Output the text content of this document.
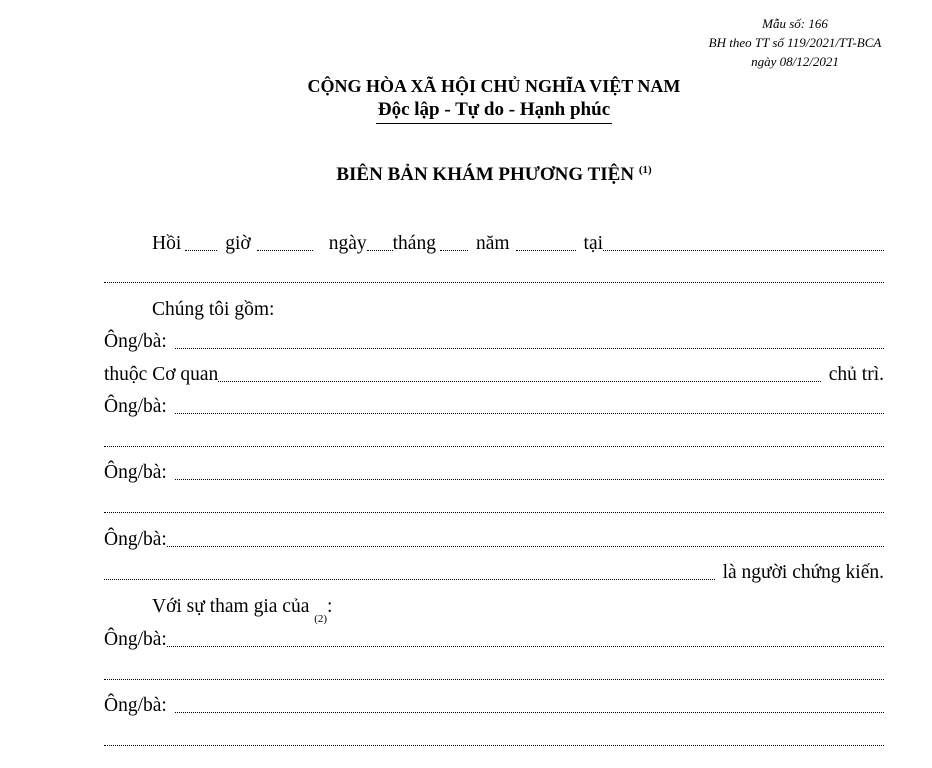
Mẫu số: 166
BH theo TT số 119/2021/TT-BCA
ngày 08/12/2021
CỘNG HÒA XÃ HỘI CHỦ NGHĨA VIỆT NAM
Độc lập - Tự do - Hạnh phúc
BIÊN BẢN KHÁM PHƯƠNG TIỆN $^{(1)}$
Hồi giờ	ngày tháng năm	tại
Chúng tôi gồm:
Ông/bà:
thuộc Cơ quan	chủ trì.
Ông/bà:
Ông/bà:
Ông/bà:
là người chứng kiến.
Với sự tham gia của

(2)
:
Ông/bà:
Ông/bà:
